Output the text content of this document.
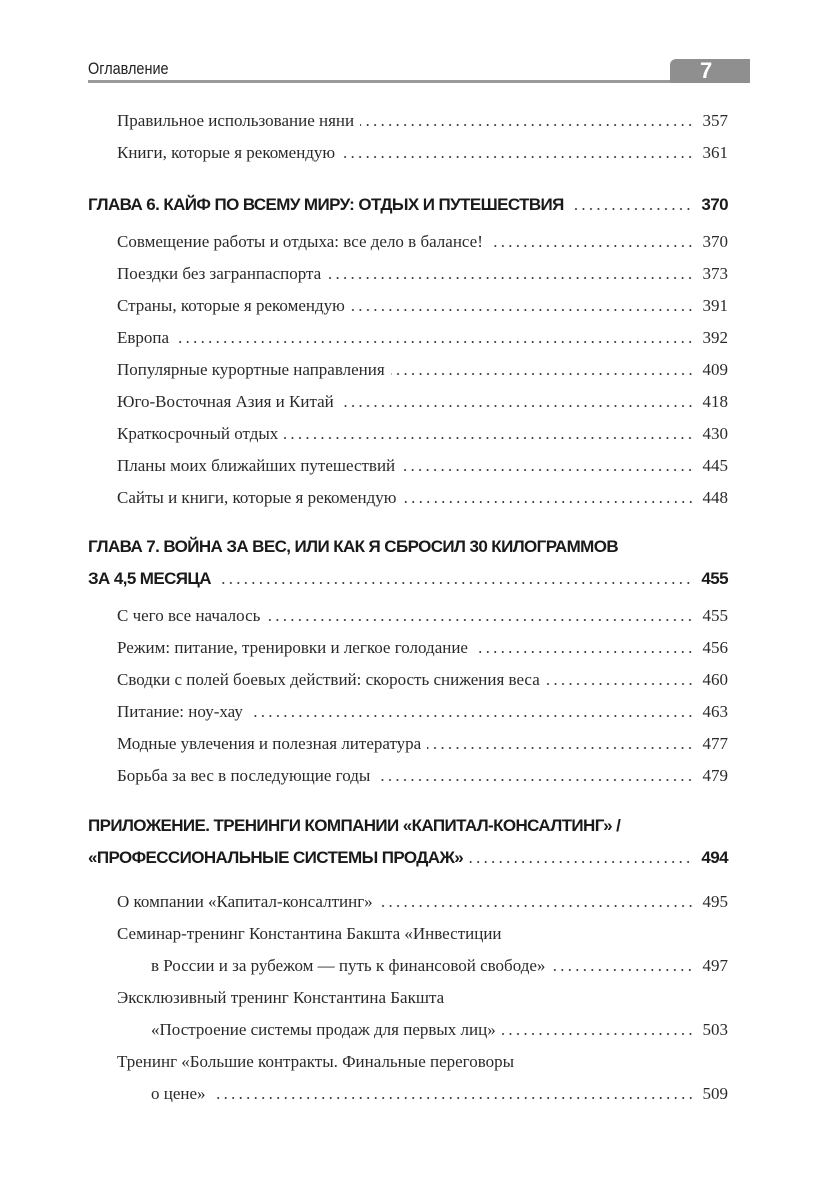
Оглавление	7
Правильное использование няни	357
Книги, которые я рекомендую	361
ГЛАВА 6. КАЙФ ПО ВСЕМУ МИРУ: ОТДЫХ И ПУТЕШЕСТВИЯ	370
Совмещение работы и отдыха: все дело в балансе!	370
Поездки без загранпаспорта	373
Страны, которые я рекомендую	391
Европа	392
Популярные курортные направления	409
Юго-Восточная Азия и Китай	418
Краткосрочный отдых	430
Планы моих ближайших путешествий	445
Сайты и книги, которые я рекомендую	448
ГЛАВА 7. ВОЙНА ЗА ВЕС, ИЛИ КАК Я СБРОСИЛ 30 КИЛОГРАММОВ
ЗА 4,5 МЕСЯЦА	455
С чего все началось	455
Режим: питание, тренировки и легкое голодание	456
Сводки с полей боевых действий: скорость снижения веса	460
Питание: ноу-хау	463
Модные увлечения и полезная литература	477
Борьба за вес в последующие годы	479
ПРИЛОЖЕНИЕ. ТРЕНИНГИ КОМПАНИИ «КАПИТАЛ-КОНСАЛТИНГ» /
«ПРОФЕССИОНАЛЬНЫЕ СИСТЕМЫ ПРОДАЖ»	494
О компании «Капитал-консалтинг»	495
Семинар-тренинг Константина Бакшта «Инвестиции
в России и за рубежом — путь к финансовой свободе»	497
Эксклюзивный тренинг Константина Бакшта
«Построение системы продаж для первых лиц»	503
Тренинг «Большие контракты. Финальные переговоры
о цене»	509
